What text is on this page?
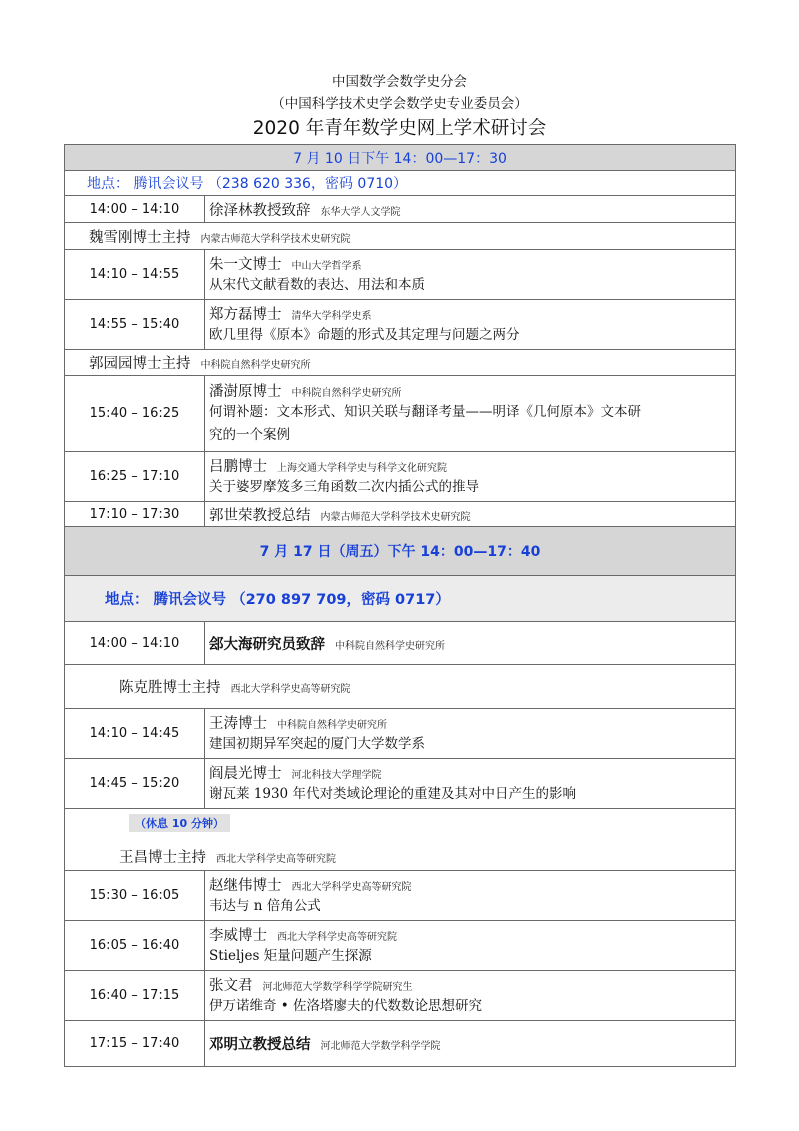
中国数学会数学史分会
（中国科学技术史学会数学史专业委员会）
2020 年青年数学史网上学术研讨会
7 月 10 日下午 14：00—17：30	
地点： 腾讯会议号 （238 620 336，密码 0710）	
14:00 – 14:10	徐泽林教授致辞 东华大学人文学院
魏雪刚博士主持 内蒙古师范大学科学技术史研究院	
14:10 – 14:55	朱一文博士 中山大学哲学系
从宋代文献看数的表达、用法和本质

14:55 – 15:40	郑方磊博士 清华大学科学史系
欧几里得《原本》命题的形式及其定理与问题之两分

郭园园博士主持 中科院自然科学史研究所	
15:40 – 16:25	潘澍原博士 中科院自然科学史研究所
何谓补题：文本形式、知识关联与翻译考量——明译《几何原本》文本研
究的一个案例

16:25 – 17:10	吕鹏博士 上海交通大学科学史与科学文化研究院
关于婆罗摩笈多三角函数二次内插公式的推导

17:10 – 17:30	郭世荣教授总结 内蒙古师范大学科学技术史研究院
7 月 17 日（周五）下午 14：00—17：40	
地点： 腾讯会议号 （270 897 709，密码 0717）	
14:00 – 14:10	郐大海研究员致辞 中科院自然科学史研究所
陈克胜博士主持 西北大学科学史高等研究院	
14:10 – 14:45	王涛博士 中科院自然科学史研究所
建国初期异军突起的厦门大学数学系

14:45 – 15:20	阎晨光博士 河北科技大学理学院
谢瓦莱 1930 年代对类域论理论的重建及其对中日产生的影响

（休息 10 分钟）
王昌博士主持 西北大学科学史高等研究院	

15:30 – 16:05	赵继伟博士 西北大学科学史高等研究院
韦达与 n 倍角公式

16:05 – 16:40	李威博士 西北大学科学史高等研究院
Stieljes 矩量问题产生探源

16:40 – 17:15	张文君 河北师范大学数学科学学院研究生
伊万诺维奇 • 佐洛塔廖夫的代数数论思想研究

17:15 – 17:40	邓明立教授总结 河北师范大学数学科学学院
